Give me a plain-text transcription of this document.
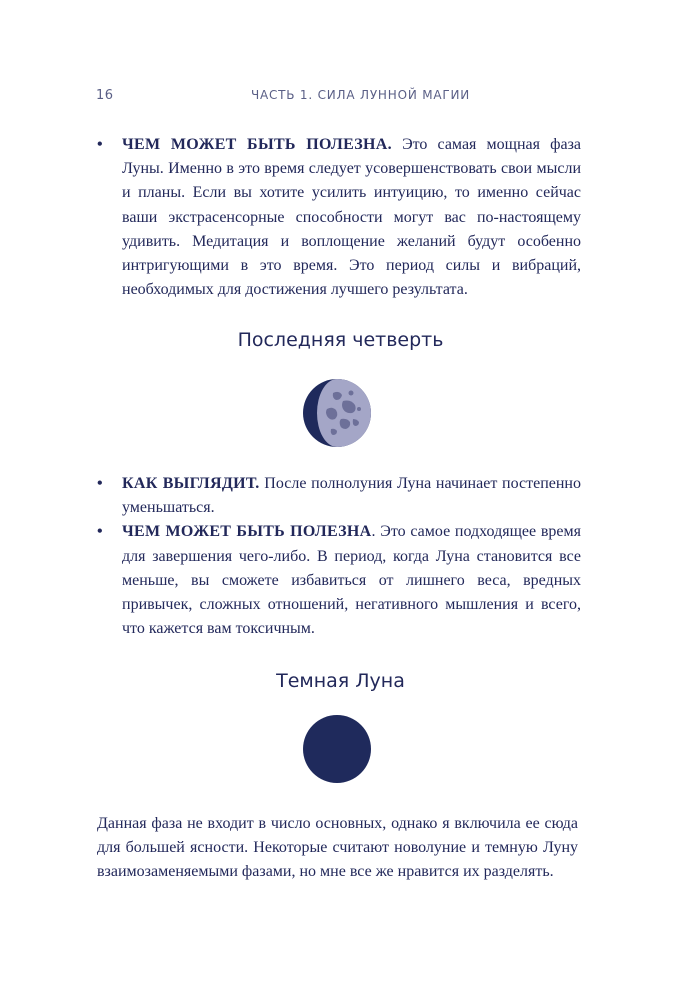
16	ЧАСТЬ 1. СИЛА ЛУННОЙ МАГИИ
• ЧЕМ МОЖЕТ БЫТЬ ПОЛЕЗНА. Это самая мощная фаза Луны. Именно в это время следует усовершенствовать свои мысли и планы. Если вы хотите усилить интуицию, то именно сейчас ваши экстрасенсорные способности могут вас по-настоящему удивить. Медитация и воплощение желаний будут особенно интригующими в это время. Это период силы и вибраций, необходимых для достижения лучшего результата.
Последняя четверть
• КАК ВЫГЛЯДИТ. После полнолуния Луна начинает постепенно уменьшаться.
• ЧЕМ МОЖЕТ БЫТЬ ПОЛЕЗНА. Это самое подходящее время для завершения чего-либо. В период, когда Луна становится все меньше, вы сможете избавиться от лишнего веса, вредных привычек, сложных отношений, негативного мышления и всего, что кажется вам токсичным.
Темная Луна

Данная фаза не входит в число основных, однако я включила ее сюда для большей ясности. Некоторые считают новолуние и темную Луну взаимозаменяемыми фазами, но мне все же нравится их разделять.
